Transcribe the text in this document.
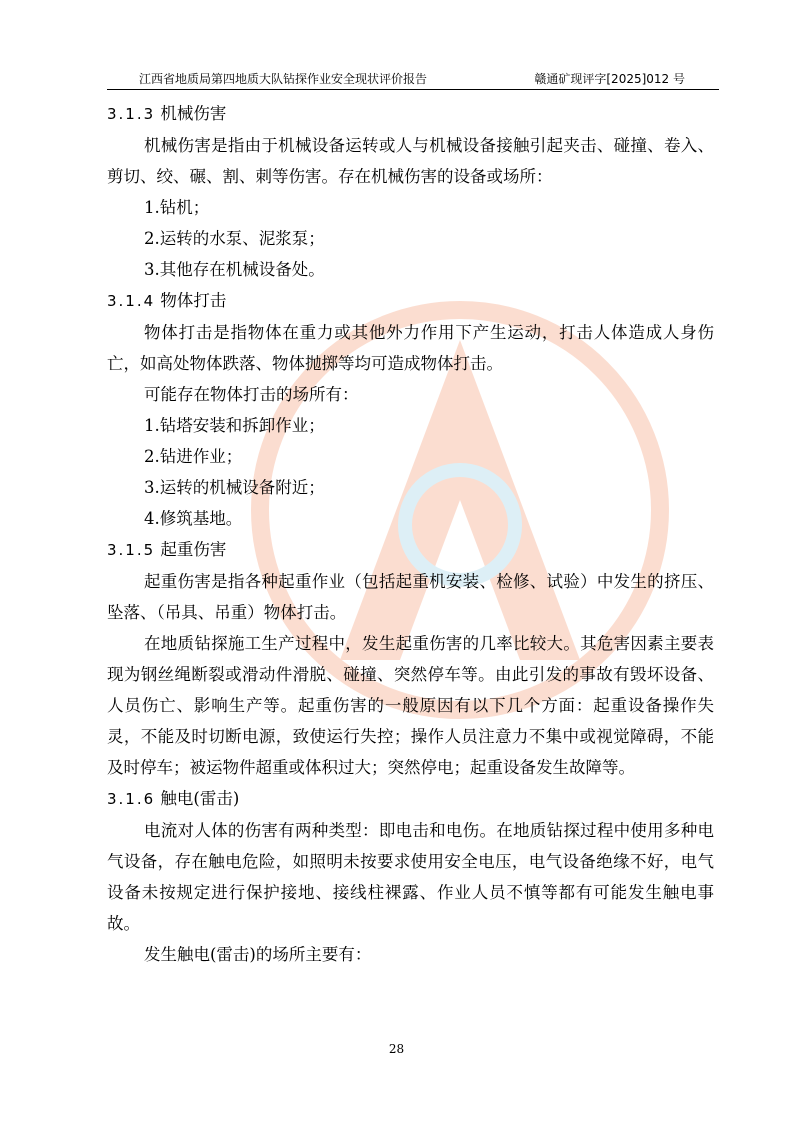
江西省地质局第四地质大队钻探作业安全现状评价报告	赣通矿现评字[2025]012 号

3.1.3 机械伤害

机械伤害是指由于机械设备运转或人与机械设备接触引起夹击、碰撞、卷入、剪切、绞、碾、割、刺等伤害。存在机械伤害的设备或场所：

1.钻机；

2.运转的水泵、泥浆泵；

3.其他存在机械设备处。

3.1.4 物体打击

物体打击是指物体在重力或其他外力作用下产生运动，打击人体造成人身伤亡，如高处物体跌落、物体抛掷等均可造成物体打击。

可能存在物体打击的场所有：

1.钻塔安装和拆卸作业；

2.钻进作业；

3.运转的机械设备附近；

4.修筑基地。

3.1.5 起重伤害

起重伤害是指各种起重作业（包括起重机安装、检修、试验）中发生的挤压、坠落、（吊具、吊重）物体打击。

在地质钻探施工生产过程中，发生起重伤害的几率比较大。其危害因素主要表现为钢丝绳断裂或滑动件滑脱、碰撞、突然停车等。由此引发的事故有毁坏设备、人员伤亡、影响生产等。起重伤害的一般原因有以下几个方面：起重设备操作失灵，不能及时切断电源，致使运行失控；操作人员注意力不集中或视觉障碍，不能及时停车；被运物件超重或体积过大；突然停电；起重设备发生故障等。

3.1.6 触电(雷击)

电流对人体的伤害有两种类型：即电击和电伤。在地质钻探过程中使用多种电气设备，存在触电危险，如照明未按要求使用安全电压，电气设备绝缘不好，电气设备未按规定进行保护接地、接线柱裸露、作业人员不慎等都有可能发生触电事故。

发生触电(雷击)的场所主要有：

28
